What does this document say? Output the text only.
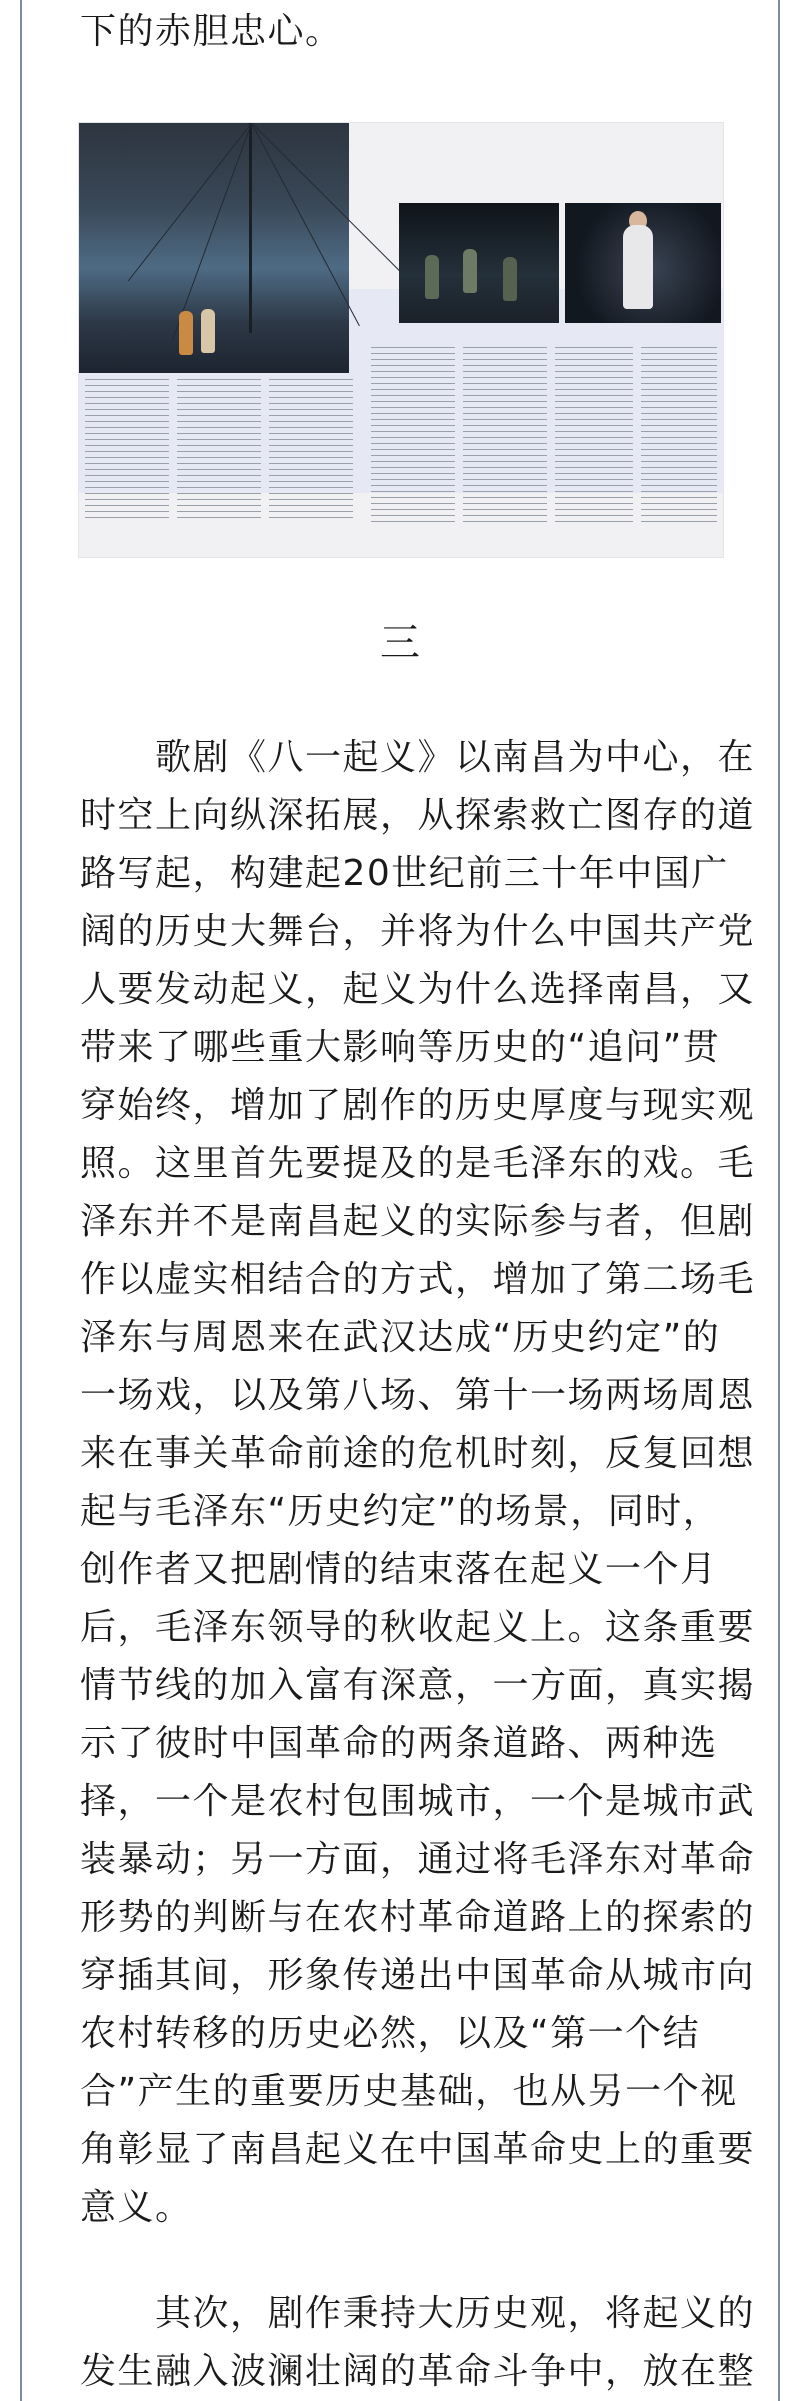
下的赤胆忠心。
三
　　歌剧《八一起义》以南昌为中心，在
时空上向纵深拓展，从探索救亡图存的道
路写起，构建起20世纪前三十年中国广
阔的历史大舞台，并将为什么中国共产党
人要发动起义，起义为什么选择南昌，又
带来了哪些重大影响等历史的“追问”贯
穿始终，增加了剧作的历史厚度与现实观
照。这里首先要提及的是毛泽东的戏。毛
泽东并不是南昌起义的实际参与者，但剧
作以虚实相结合的方式，增加了第二场毛
泽东与周恩来在武汉达成“历史约定”的
一场戏，以及第八场、第十一场两场周恩
来在事关革命前途的危机时刻，反复回想
起与毛泽东“历史约定”的场景，同时，
创作者又把剧情的结束落在起义一个月
后，毛泽东领导的秋收起义上。这条重要
情节线的加入富有深意，一方面，真实揭
示了彼时中国革命的两条道路、两种选
择，一个是农村包围城市，一个是城市武
装暴动；另一方面，通过将毛泽东对革命
形势的判断与在农村革命道路上的探索的
穿插其间，形象传递出中国革命从城市向
农村转移的历史必然，以及“第一个结
合”产生的重要历史基础，也从另一个视
角彰显了南昌起义在中国革命史上的重要
意义。
　　其次，剧作秉持大历史观，将起义的
发生融入波澜壮阔的革命斗争中，放在整
